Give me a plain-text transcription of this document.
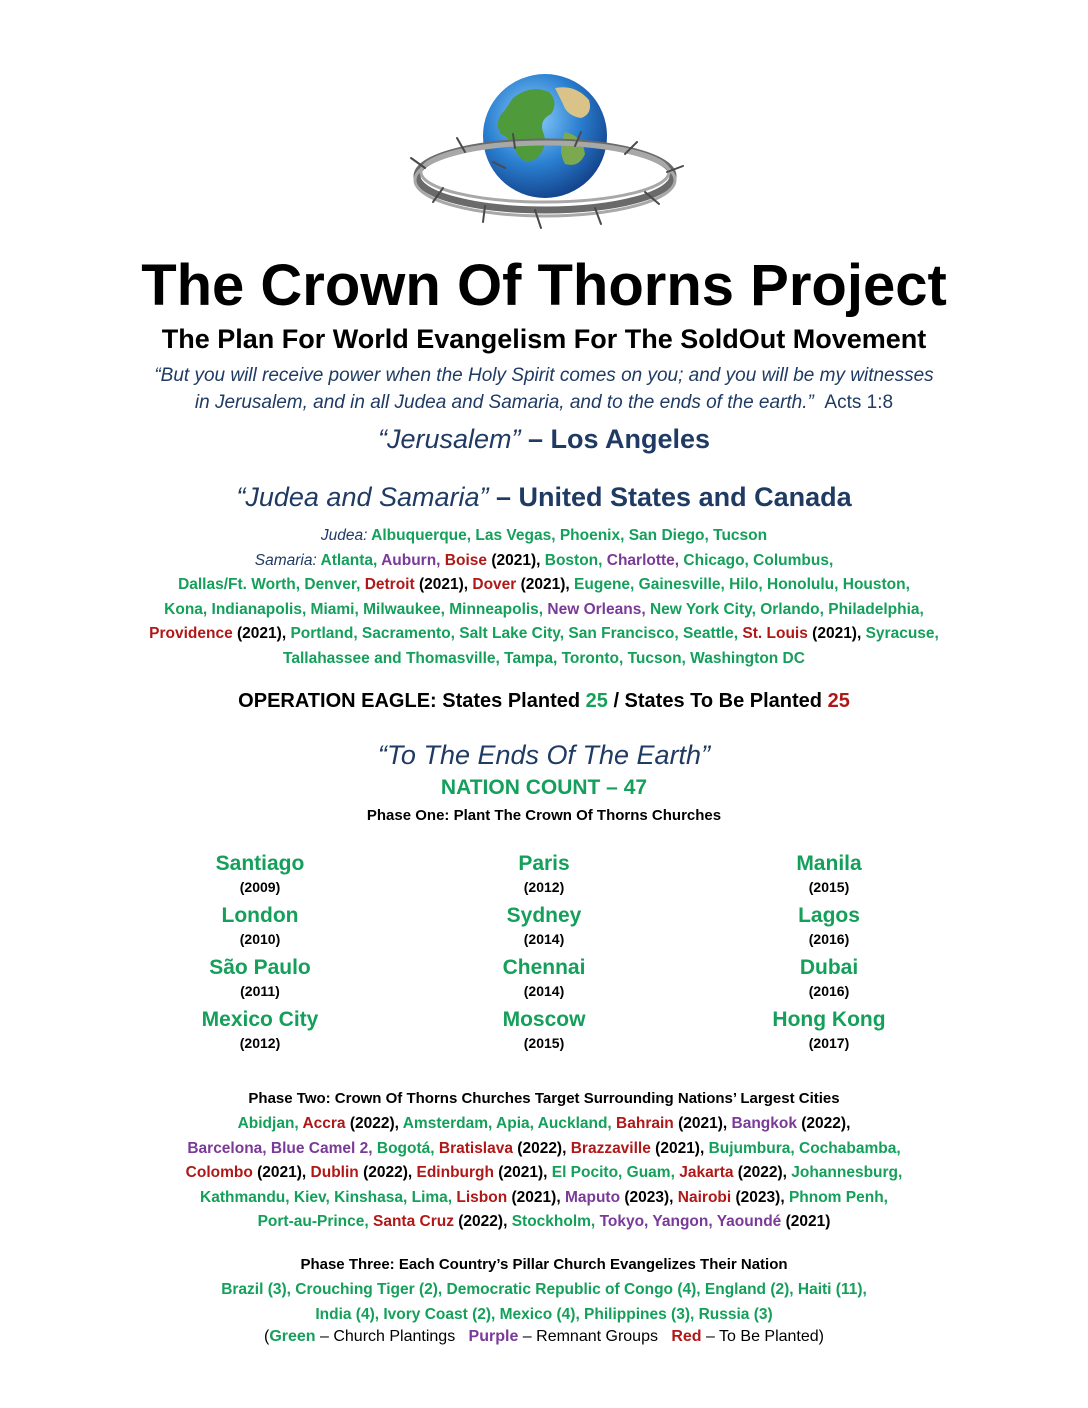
The Crown Of Thorns Project
The Plan For World Evangelism For The SoldOut Movement
“But you will receive power when the Holy Spirit comes on you; and you will be my witnesses
in Jerusalem, and in all Judea and Samaria, and to the ends of the earth.” Acts 1:8
“Jerusalem” – Los Angeles
“Judea and Samaria” – United States and Canada
Judea: Albuquerque, Las Vegas, Phoenix, San Diego, Tucson
Samaria: Atlanta, Auburn, Boise (2021), Boston, Charlotte, Chicago, Columbus,
Dallas/Ft. Worth, Denver, Detroit (2021), Dover (2021), Eugene, Gainesville, Hilo, Honolulu, Houston,
Kona, Indianapolis, Miami, Milwaukee, Minneapolis, New Orleans, New York City, Orlando, Philadelphia,
Providence (2021), Portland, Sacramento, Salt Lake City, San Francisco, Seattle, St. Louis (2021), Syracuse,
Tallahassee and Thomasville, Tampa, Toronto, Tucson, Washington DC
OPERATION EAGLE: States Planted 25 / States To Be Planted 25
“To The Ends Of The Earth”
NATION COUNT – 47
Phase One: Plant The Crown Of Thorns Churches
Santiago
(2009)
London
(2010)
São Paulo
(2011)
Mexico City
(2012)
Paris
(2012)
Sydney
(2014)
Chennai
(2014)
Moscow
(2015)
Manila
(2015)
Lagos
(2016)
Dubai
(2016)
Hong Kong
(2017)
Phase Two: Crown Of Thorns Churches Target Surrounding Nations’ Largest Cities
Abidjan, Accra (2022), Amsterdam, Apia, Auckland, Bahrain (2021), Bangkok (2022),
Barcelona, Blue Camel 2, Bogotá, Bratislava (2022), Brazzaville (2021), Bujumbura, Cochabamba,
Colombo (2021), Dublin (2022), Edinburgh (2021), El Pocito, Guam, Jakarta (2022), Johannesburg,
Kathmandu, Kiev, Kinshasa, Lima, Lisbon (2021), Maputo (2023), Nairobi (2023), Phnom Penh,
Port-au-Prince, Santa Cruz (2022), Stockholm, Tokyo, Yangon, Yaoundé (2021)
Phase Three: Each Country’s Pillar Church Evangelizes Their Nation
Brazil (3), Crouching Tiger (2), Democratic Republic of Congo (4), England (2), Haiti (11),
India (4), Ivory Coast (2), Mexico (4), Philippines (3), Russia (3)
(Green – Church Plantings Purple – Remnant Groups Red – To Be Planted)
